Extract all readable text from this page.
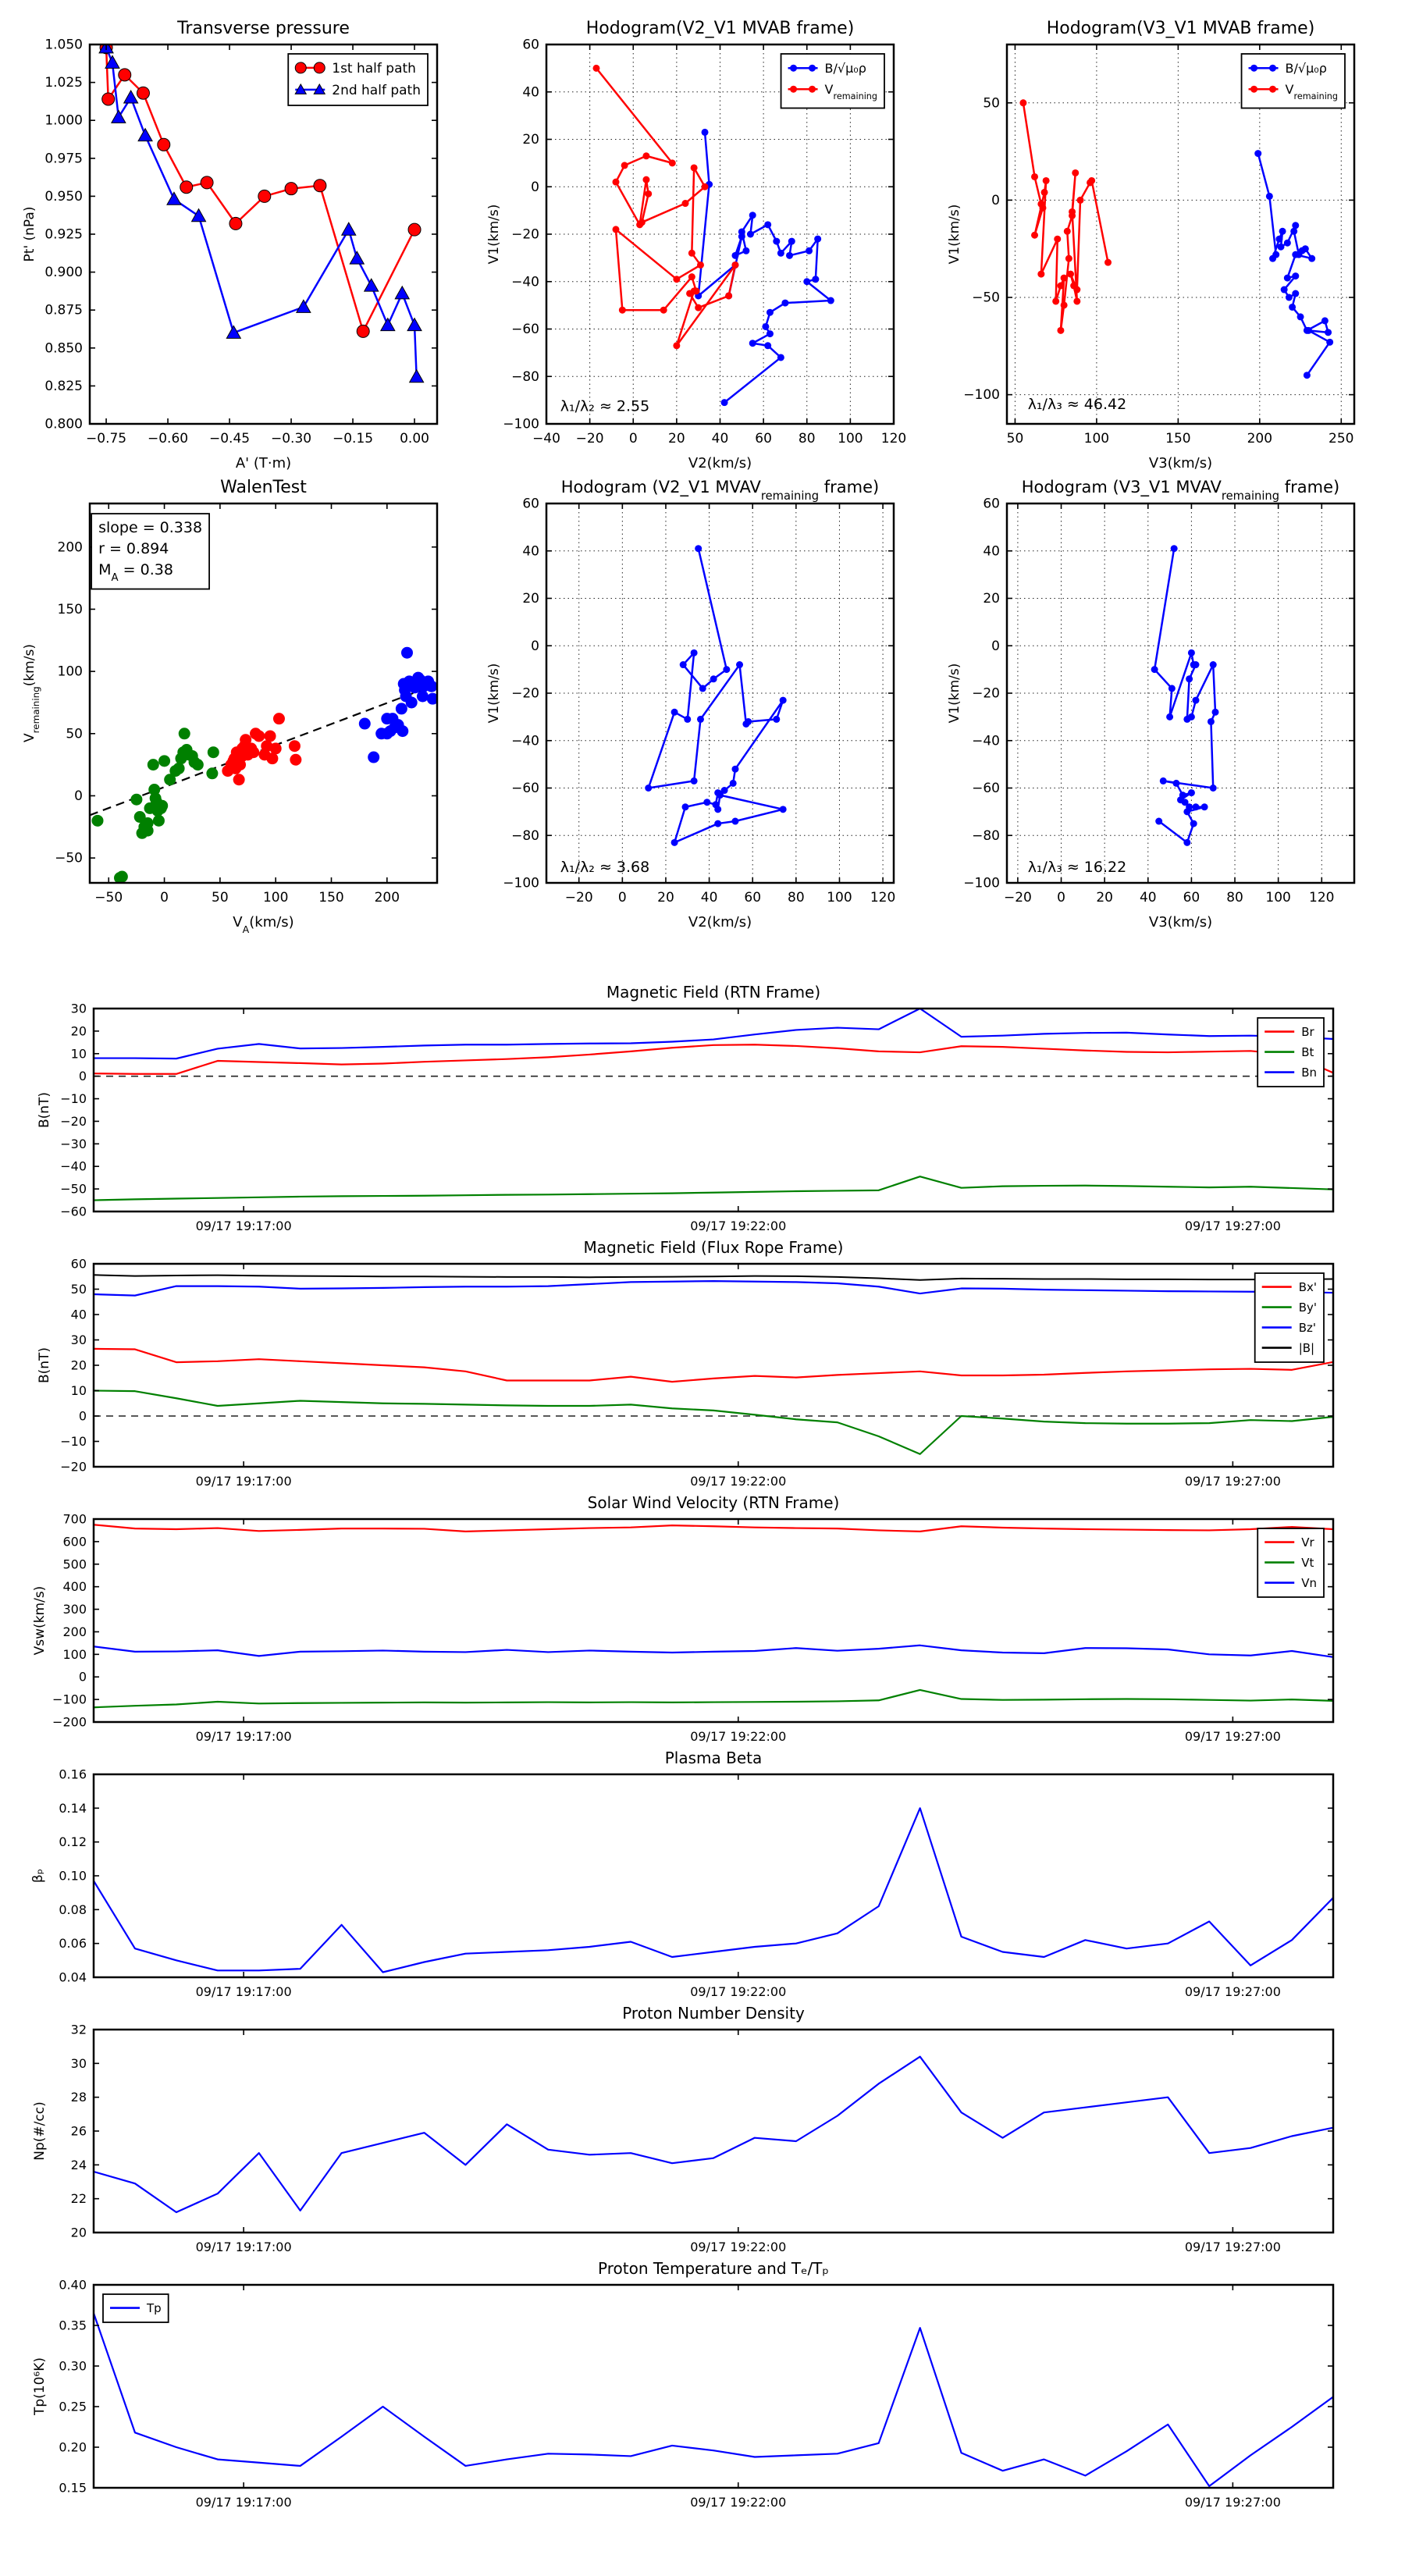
−0.75 −0.60 −0.45 −0.30 −0.15 0.00
0.800
0.825
0.850
0.875
0.900
0.925
0.950
0.975
1.000
1.025
1.050
Transverse pressure
A' (T·m)
Pt' (nPa)
1st half path
2nd half path
−40 −20 0 20 40 60 80 100 120
−100
−80
−60
−40
−20
0
20
40
60
Hodogram(V2_V1 MVAB frame)
V2(km/s)
V1(km/s)
λ₁/λ₂ ≈ 2.55
B/√μ₀ρ
$V_{remaining}$
50	100	150	200	250
−100
−50
0
50
Hodogram(V3_V1 MVAB frame)
V3(km/s)
V1(km/s)
λ₁/λ₃ ≈ 46.42
B/√μ₀ρ
$V_{remaining}$
−50	0	50	100 150 200
−50
0
50
100
150
200
WalenTest
$V_A(km/s)$
$V_{remaining}(km/s)$
slope = 0.338
r = 0.894
$M_A = 0.38$
−20 0 20 40 60 80 100 120
−100
−80
−60
−40
−20
0
20
40
60
Hodogram (V2_V1 $MVAV_{remaining}$ frame)
V2(km/s)
V1(km/s)
λ₁/λ₂ ≈ 3.68
−20 0 20 40 60 80 100 120
−100
−80
−60
−40
−20
0
20
40
60
Hodogram (V3_V1 $MVAV_{remaining}$ frame)
V3(km/s)
V1(km/s)
λ₁/λ₃ ≈ 16.22
09/17 19:17:00	09/17 19:22:00	09/17 19:27:00
−60
−50
−40
−30
−20
−10
0
10
20
30
Magnetic Field (RTN Frame)
B(nT)
Br
Bt
Bn
09/17 19:17:00	09/17 19:22:00	09/17 19:27:00
−20
−10
0
10
20
30
40
50
60
Magnetic Field (Flux Rope Frame)
B(nT)
Bx'
By'
Bz'
|B|
09/17 19:17:00	09/17 19:22:00	09/17 19:27:00
−200
−100
0
100
200
300
400
500
600
700
Solar Wind Velocity (RTN Frame)
Vsw(km/s)
Vr
Vt
Vn
09/17 19:17:00	09/17 19:22:00	09/17 19:27:00
0.04
0.06
0.08
0.10
0.12
0.14
0.16
Plasma Beta
βₚ
09/17 19:17:00	09/17 19:22:00	09/17 19:27:00
20
22
24
26
28
30
32
Proton Number Density
Np(#/cc)
09/17 19:17:00	09/17 19:22:00	09/17 19:27:00
0.15
0.20
0.25
0.30
0.35
0.40
Proton Temperature and Tₑ/Tₚ
Tp(10⁶K)
Tp
